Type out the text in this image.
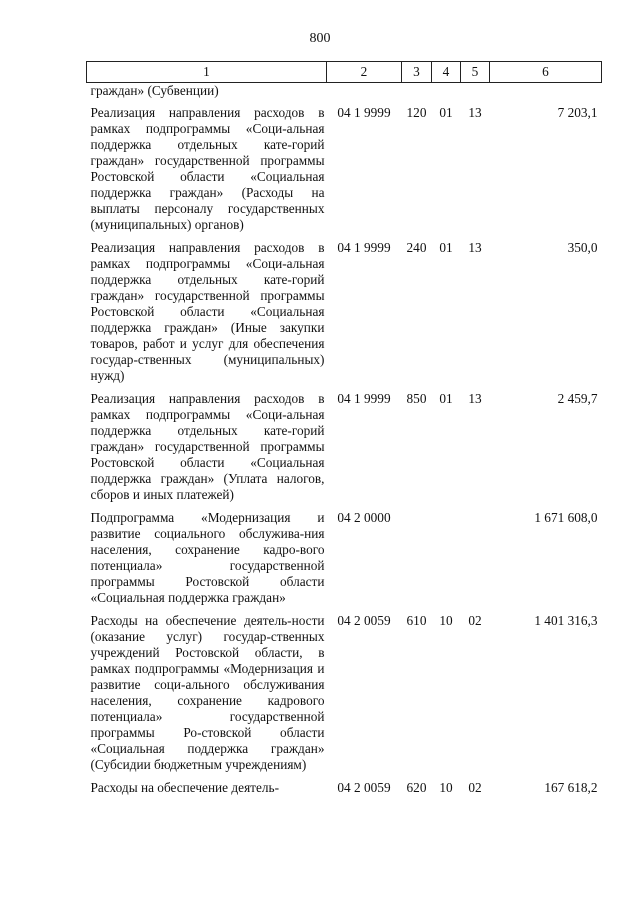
800
1	2	3	4	5	6
граждан» (Субвенции)					
Реализация направления расходов в рамках подпрограммы «Соци-альная поддержка отдельных кате-горий граждан» государственной программы Ростовской области «Социальная поддержка граждан» (Расходы на выплаты персоналу государственных (муниципальных) органов)	04 1 9999	120	01	13	7 203,1
Реализация направления расходов в рамках подпрограммы «Соци-альная поддержка отдельных кате-горий граждан» государственной программы Ростовской области «Социальная поддержка граждан» (Иные закупки товаров, работ и услуг для обеспечения государ-ственных (муниципальных) нужд)	04 1 9999	240	01	13	350,0
Реализация направления расходов в рамках подпрограммы «Соци-альная поддержка отдельных кате-горий граждан» государственной программы Ростовской области «Социальная поддержка граждан» (Уплата налогов, сборов и иных платежей)	04 1 9999	850	01	13	2 459,7
Подпрограмма «Модернизация и развитие социального обслужива-ния населения, сохранение кадро-вого потенциала» государственной программы Ростовской области «Социальная поддержка граждан»	04 2 0000				1 671 608,0
Расходы на обеспечение деятель-ности (оказание услуг) государ-ственных учреждений Ростовской области, в рамках подпрограммы «Модернизация и развитие соци-ального обслуживания населения, сохранение кадрового потенциала» государственной программы Ро-стовской области «Социальная поддержка граждан» (Субсидии бюджетным учреждениям)	04 2 0059	610	10	02	1 401 316,3
Расходы на обеспечение деятель-	04 2 0059	620	10	02	167 618,2
